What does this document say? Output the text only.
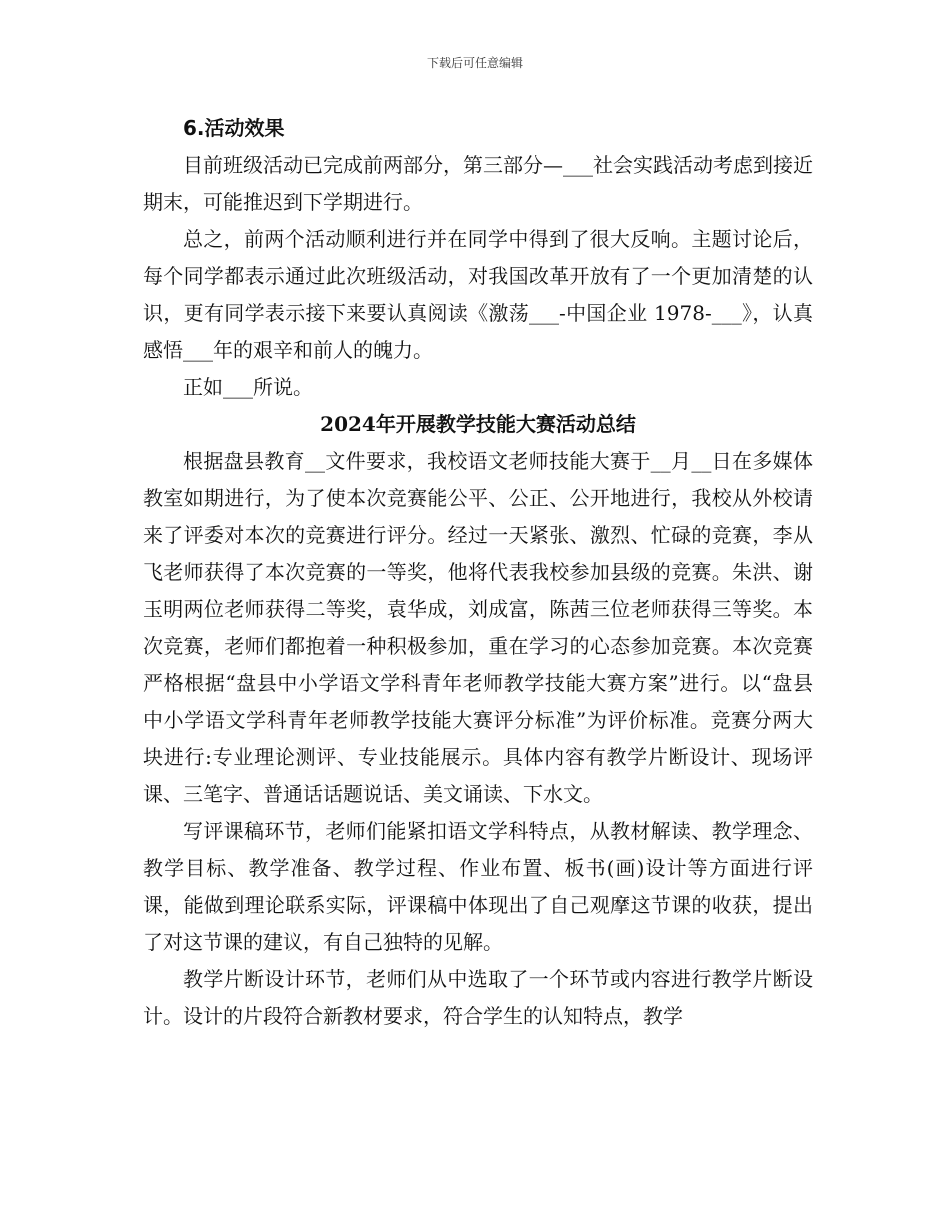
下载后可任意编辑

6.活动效果

目前班级活动已完成前两部分，第三部分—___社会实践活动考虑到接近期末，可能推迟到下学期进行。

总之，前两个活动顺利进行并在同学中得到了很大反响。主题讨论后，每个同学都表示通过此次班级活动，对我国改革开放有了一个更加清楚的认识，更有同学表示接下来要认真阅读《激荡___-中国企业 1978-___》，认真感悟___年的艰辛和前人的魄力。

正如___所说。

2024年开展教学技能大赛活动总结

根据盘县教育__文件要求，我校语文老师技能大赛于__月__日在多媒体教室如期进行，为了使本次竞赛能公平、公正、公开地进行，我校从外校请来了评委对本次的竞赛进行评分。经过一天紧张、激烈、忙碌的竞赛，李从飞老师获得了本次竞赛的一等奖，他将代表我校参加县级的竞赛。朱洪、谢玉明两位老师获得二等奖，袁华成，刘成富，陈茜三位老师获得三等奖。本次竞赛，老师们都抱着一种积极参加，重在学习的心态参加竞赛。本次竞赛严格根据“盘县中小学语文学科青年老师教学技能大赛方案”进行。以“盘县中小学语文学科青年老师教学技能大赛评分标准”为评价标准。竞赛分两大块进行:专业理论测评、专业技能展示。具体内容有教学片断设计、现场评课、三笔字、普通话话题说话、美文诵读、下水文。

写评课稿环节，老师们能紧扣语文学科特点，从教材解读、教学理念、教学目标、教学准备、教学过程、作业布置、板书(画)设计等方面进行评课，能做到理论联系实际，评课稿中体现出了自己观摩这节课的收获，提出了对这节课的建议，有自己独特的见解。

教学片断设计环节，老师们从中选取了一个环节或内容进行教学片断设计。设计的片段符合新教材要求，符合学生的认知特点，教学
